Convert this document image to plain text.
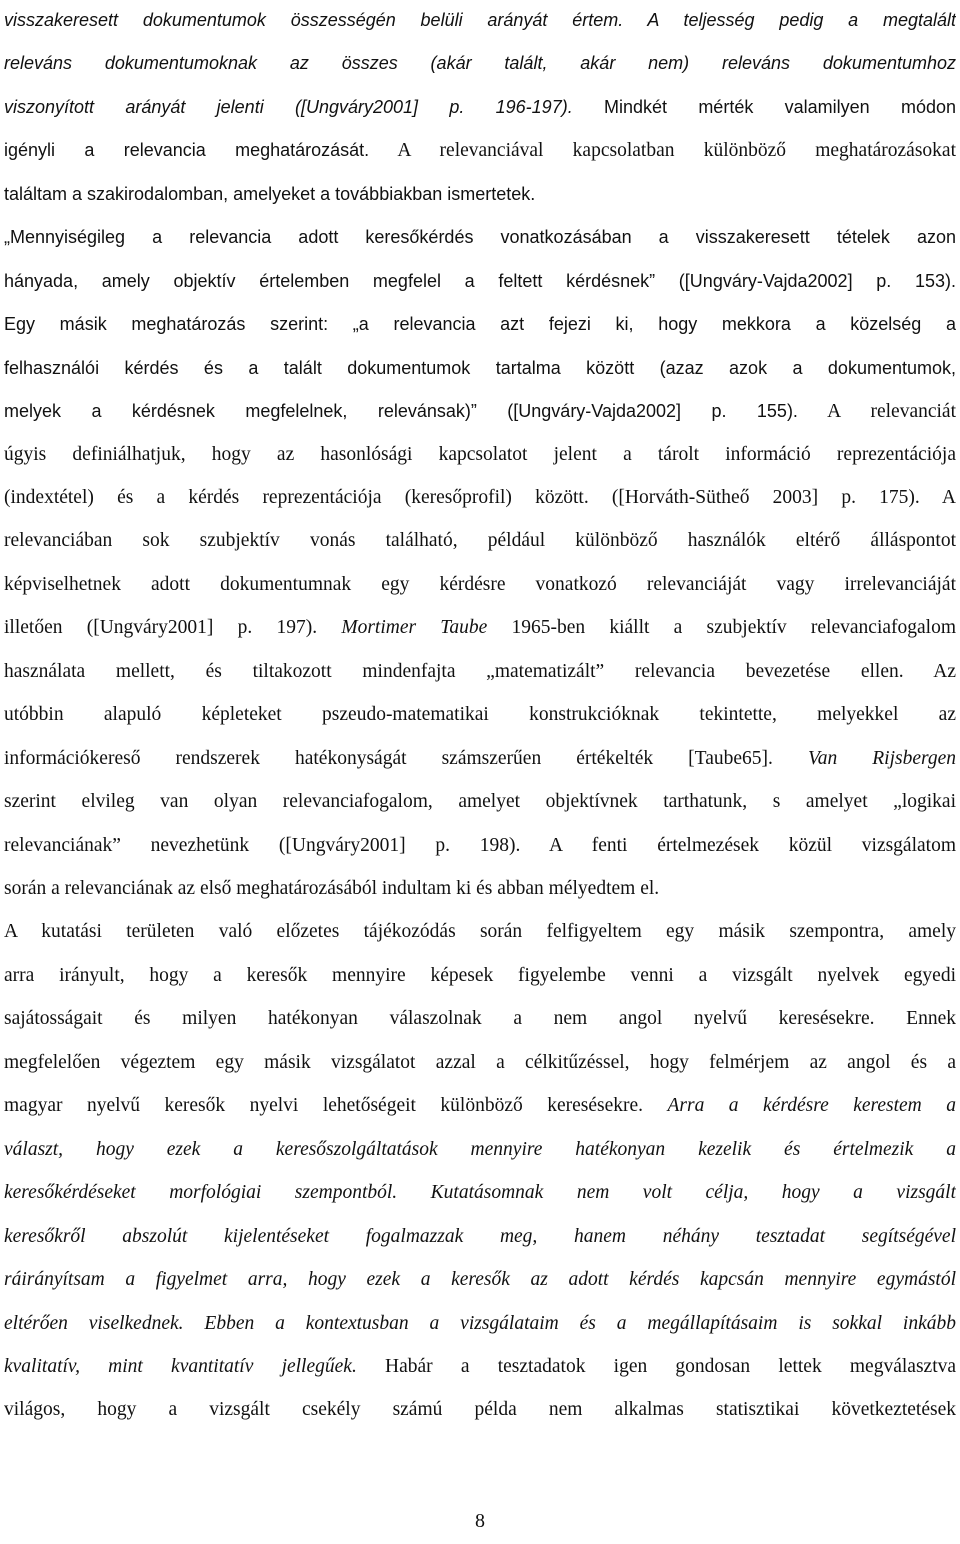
visszakeresett dokumentumok összességén belüli arányát értem. A teljesség pedig a megtalált
releváns dokumentumoknak az összes (akár talált, akár nem) releváns dokumentumhoz
viszonyított arányát jelenti ([Ungváry2001] p. 196-197). Mindkét mérték valamilyen módon
igényli a relevancia meghatározását. A relevanciával kapcsolatban különböző meghatározásokat
találtam a szakirodalomban, amelyeket a továbbiakban ismertetek.
„Mennyiségileg a relevancia adott keresőkérdés vonatkozásában a visszakeresett tételek azon
hányada, amely objektív értelemben megfelel a feltett kérdésnek” ([Ungváry-Vajda2002] p. 153).
Egy másik meghatározás szerint: „a relevancia azt fejezi ki, hogy mekkora a közelség a
felhasználói kérdés és a talált dokumentumok tartalma között (azaz azok a dokumentumok,
melyek a kérdésnek megfelelnek, relevánsak)” ([Ungváry-Vajda2002] p. 155). A relevanciát
úgyis definiálhatjuk, hogy az hasonlósági kapcsolatot jelent a tárolt információ reprezentációja
(indextétel) és a kérdés reprezentációja (keresőprofil) között. ([Horváth-Sütheő 2003] p. 175). A
relevanciában sok szubjektív vonás található, például különböző használók eltérő álláspontot
képviselhetnek adott dokumentumnak egy kérdésre vonatkozó relevanciáját vagy irrelevanciáját
illetően ([Ungváry2001] p. 197). Mortimer Taube 1965-ben kiállt a szubjektív relevanciafogalom
használata mellett, és tiltakozott mindenfajta „matematizált” relevancia bevezetése ellen. Az
utóbbin alapuló képleteket pszeudo-matematikai konstrukcióknak tekintette, melyekkel az
információkereső rendszerek hatékonyságát számszerűen értékelték [Taube65]. Van Rijsbergen
szerint elvileg van olyan relevanciafogalom, amelyet objektívnek tarthatunk, s amelyet „logikai
relevanciának” nevezhetünk ([Ungváry2001] p. 198). A fenti értelmezések közül vizsgálatom
során a relevanciának az első meghatározásából indultam ki és abban mélyedtem el.
A kutatási területen való előzetes tájékozódás során felfigyeltem egy másik szempontra, amely
arra irányult, hogy a keresők mennyire képesek figyelembe venni a vizsgált nyelvek egyedi
sajátosságait és milyen hatékonyan válaszolnak a nem angol nyelvű keresésekre. Ennek
megfelelően végeztem egy másik vizsgálatot azzal a célkitűzéssel, hogy felmérjem az angol és a
magyar nyelvű keresők nyelvi lehetőségeit különböző keresésekre. Arra a kérdésre kerestem a
választ, hogy ezek a keresőszolgáltatások mennyire hatékonyan kezelik és értelmezik a
keresőkérdéseket morfológiai szempontból. Kutatásomnak nem volt célja, hogy a vizsgált
keresőkről abszolút kijelentéseket fogalmazzak meg, hanem néhány tesztadat segítségével
ráirányítsam a figyelmet arra, hogy ezek a keresők az adott kérdés kapcsán mennyire egymástól
eltérően viselkednek. Ebben a kontextusban a vizsgálataim és a megállapításaim is sokkal inkább
kvalitatív, mint kvantitatív jellegűek. Habár a tesztadatok igen gondosan lettek megválasztva
világos, hogy a vizsgált csekély számú példa nem alkalmas statisztikai következtetések
8
